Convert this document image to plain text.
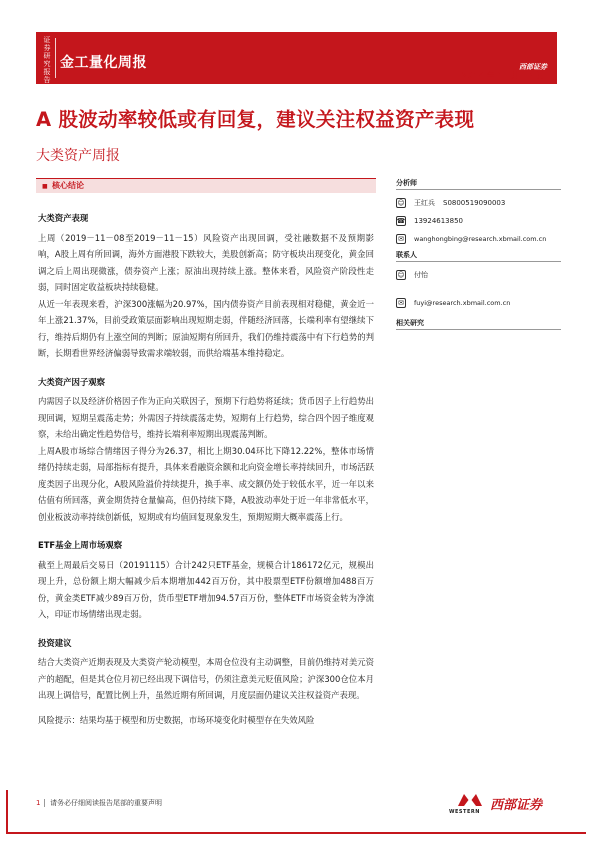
证券研究报告
金工量化周报	西部证券
2019 年 11 月 17 日
A 股波动率较低或有回复，建议关注权益资产表现
大类资产周报
■ 核心结论
大类资产表现

上周（2019－11－08至2019－11－15）风险资产出现回调，受社融数据不及预期影响，A股上周有所回调，海外方面港股下跌较大，美股创新高；防守板块出现变化，黄金回调之后上周出现微涨，债券资产上涨；原油出现持续上涨。整体来看，风险资产阶段性走弱，同时固定收益板块持续稳健。

从近一年表现来看，沪深300涨幅为20.97%，国内债券资产目前表现相对稳健，黄金近一年上涨21.37%，目前受政策层面影响出现短期走弱，伴随经济回落，长端利率有望继续下行，维持后期仍有上涨空间的判断；原油短期有所回升，我们仍维持震荡中有下行趋势的判断，长期看世界经济偏弱导致需求端较弱，而供给端基本维持稳定。

大类资产因子观察

内需因子以及经济价格因子作为正向关联因子，预期下行趋势将延续；货币因子上行趋势出现回调，短期呈震荡走势；外需因子持续震荡走势，短期有上行趋势，综合四个因子维度观察，未给出确定性趋势信号，维持长端利率短期出现震荡判断。

上周A股市场综合情绪因子得分为26.37，相比上期30.04环比下降12.22%，整体市场情绪仍持续走弱，局部指标有提升，具体来看融资余额和北向资金增长率持续回升，市场活跃度类因子出现分化，A股风险溢价持续提升，换手率、成交额仍处于较低水平，近一年以来估值有所回落，黄金期货持仓量偏高，但仍持续下降，A股波动率处于近一年非常低水平，创业板波动率持续创新低，短期或有均值回复现象发生，预期短期大概率震荡上行。

ETF基金上周市场观察

截至上周最后交易日（20191115）合计242只ETF基金，规模合计186172亿元，规模出现上升，总份额上期大幅减少后本期增加442百万份，其中股票型ETF份额增加488百万份，黄金类ETF减少89百万份，货币型ETF增加94.57百万份，整体ETF市场资金转为净流入，印证市场情绪出现走弱。

投资建议

结合大类资产近期表现及大类资产轮动模型，本周仓位没有主动调整，目前仍维持对美元资产的超配，但是其仓位月初已经出现下调信号，仍须注意美元贬值风险；沪深300仓位本月出现上调信号，配置比例上升，虽然近期有所回调，月度层面仍建议关注权益资产表现。

风险提示：结果均基于模型和历史数据，市场环境变化时模型存在失效风险

分析师
☺ 王红兵 S0800519090003
☎ 13924613850
✉	wanghongbing@research.xbmail.com.cn
联系人
☺ 付怡
✉	fuyi@research.xbmail.com.cn
相关研究
1 请务必仔细阅读报告尾部的重要声明
WESTERN 西部证券
